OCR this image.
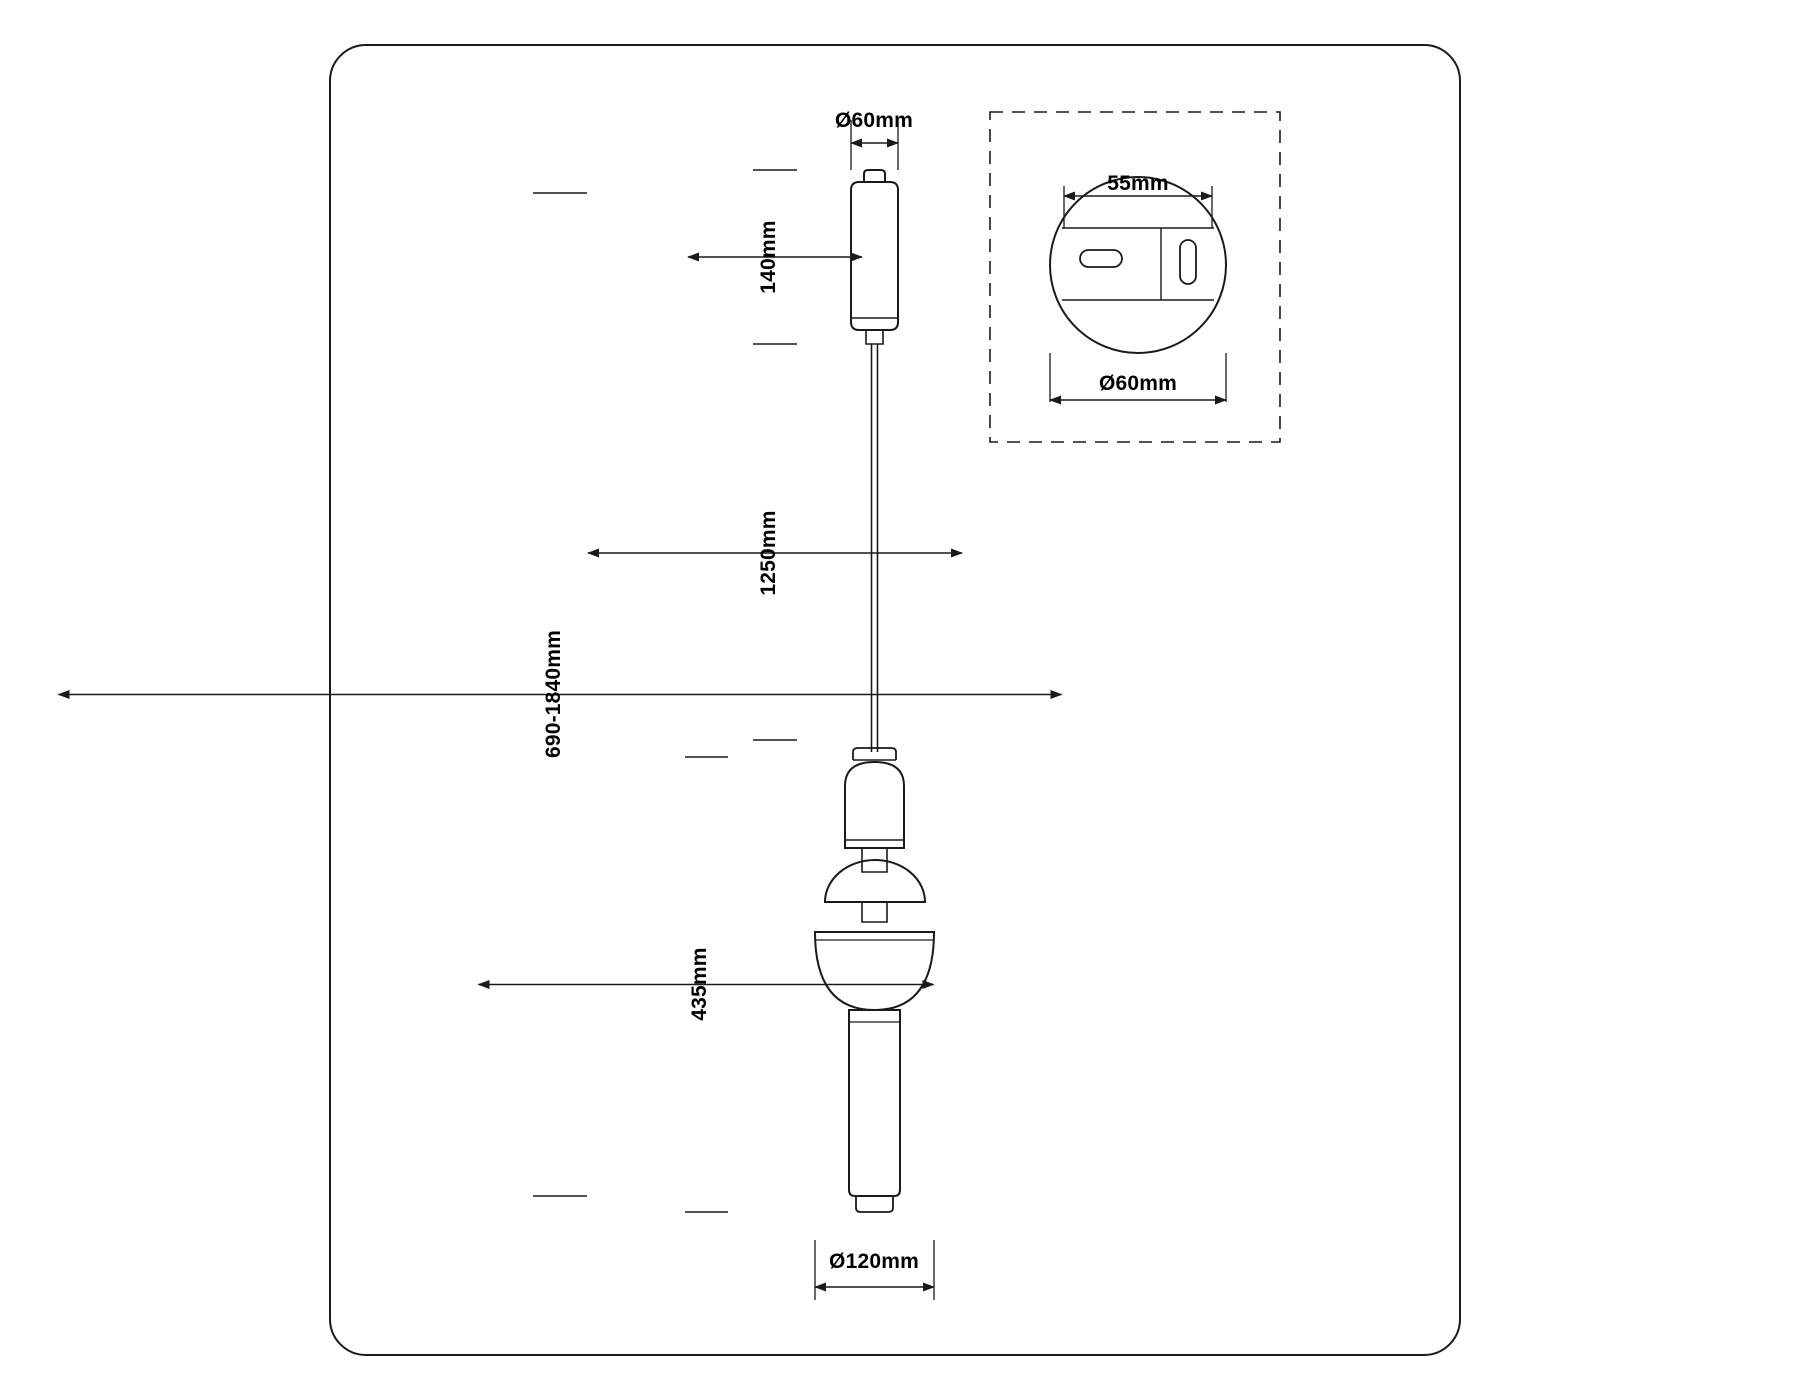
690-1840mm
140mm
1250mm
435mm
Ø60mm
Ø120mm
55mm
Ø60mm
